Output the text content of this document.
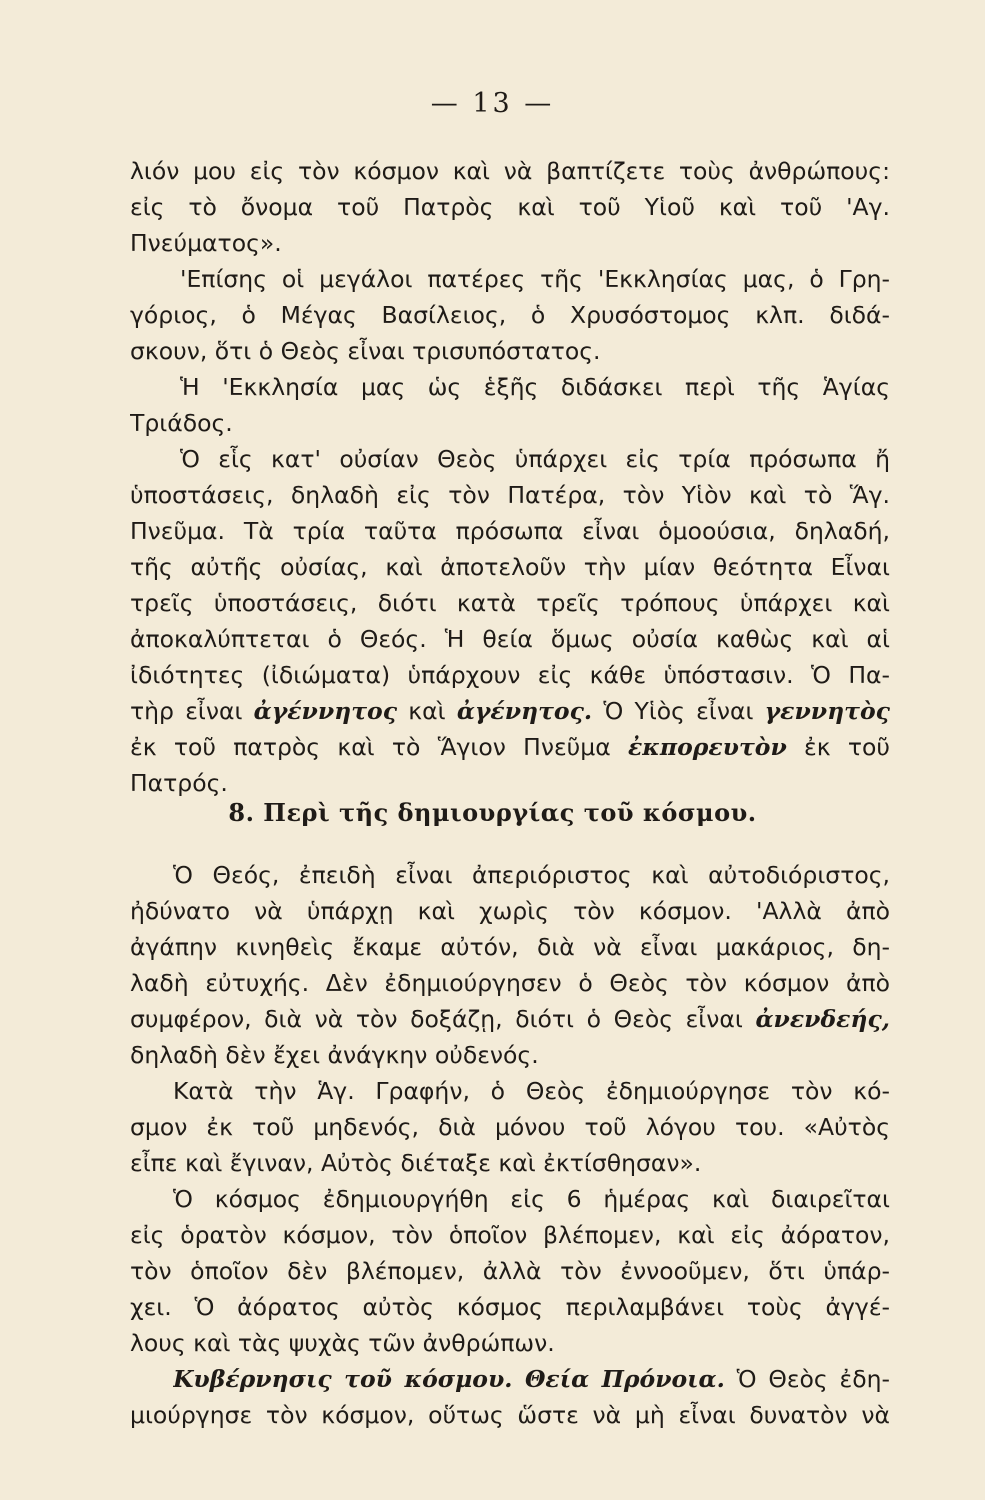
— 13 —
λιόν μου εἰς τὸν κόσμον καὶ νὰ βαπτίζετε τοὺς ἀνθρώπους:
εἰς τὸ ὄνομα τοῦ Πατρὸς καὶ τοῦ Υἱοῦ καὶ τοῦ 'Αγ.
Πνεύματος».
'Επίσης οἱ μεγάλοι πατέρες τῆς 'Εκκλησίας μας, ὁ Γρη-
γόριος, ὁ Μέγας Βασίλειος, ὁ Χρυσόστομος κλπ. διδά-
σκουν, ὅτι ὁ Θεὸς εἶναι τρισυπόστατος.
Ἡ 'Εκκλησία μας ὡς ἑξῆς διδάσκει περὶ τῆς Ἁγίας
Τριάδος.
Ὁ εἷς κατ' οὐσίαν Θεὸς ὑπάρχει εἰς τρία πρόσωπα ἤ
ὑποστάσεις, δηλαδὴ εἰς τὸν Πατέρα, τὸν Υἱὸν καὶ τὸ Ἅγ.
Πνεῦμα. Τὰ τρία ταῦτα πρόσωπα εἶναι ὁμοούσια, δηλαδή,
τῆς αὐτῆς οὐσίας, καὶ ἀποτελοῦν τὴν μίαν θεότητα Εἶναι
τρεῖς ὑποστάσεις, διότι κατὰ τρεῖς τρόπους ὑπάρχει καὶ
ἀποκαλύπτεται ὁ Θεός. Ἡ θεία ὅμως οὐσία καθὼς καὶ αἱ
ἰδιότητες (ἰδιώματα) ὑπάρχουν εἰς κάθε ὑπόστασιν. Ὁ Πα-
τὴρ εἶναι ἀγέννητος καὶ ἀγένητος. Ὁ Υἱὸς εἶναι γεννητὸς
ἐκ τοῦ πατρὸς καὶ τὸ Ἅγιον Πνεῦμα ἐκπορευτὸν ἐκ τοῦ
Πατρός.
8. Περὶ τῆς δημιουργίας τοῦ κόσμου.
Ὁ Θεός, ἐπειδὴ εἶναι ἀπεριόριστος καὶ αὐτοδιόριστος,
ἠδύνατο νὰ ὑπάρχῃ καὶ χωρὶς τὸν κόσμον. 'Αλλὰ ἀπὸ
ἀγάπην κινηθεὶς ἔκαμε αὐτόν, διὰ νὰ εἶναι μακάριος, δη-
λαδὴ εὐτυχής. Δὲν ἐδημιούργησεν ὁ Θεὸς τὸν κόσμον ἀπὸ
συμφέρον, διὰ νὰ τὸν δοξάζῃ, διότι ὁ Θεὸς εἶναι ἀνενδεής,
δηλαδὴ δὲν ἔχει ἀνάγκην οὐδενός.
Κατὰ τὴν Ἁγ. Γραφήν, ὁ Θεὸς ἐδημιούργησε τὸν κό-
σμον ἐκ τοῦ μηδενός, διὰ μόνου τοῦ λόγου του. «Αὐτὸς
εἶπε καὶ ἔγιναν, Αὐτὸς διέταξε καὶ ἐκτίσθησαν».
Ὁ κόσμος ἐδημιουργήθη εἰς 6 ἡμέρας καὶ διαιρεῖται
εἰς ὁρατὸν κόσμον, τὸν ὁποῖον βλέπομεν, καὶ εἰς ἀόρατον,
τὸν ὁποῖον δὲν βλέπομεν, ἀλλὰ τὸν ἐννοοῦμεν, ὅτι ὑπάρ-
χει. Ὁ ἀόρατος αὐτὸς κόσμος περιλαμβάνει τοὺς ἀγγέ-
λους καὶ τὰς ψυχὰς τῶν ἀνθρώπων.
Κυβέρνησις τοῦ κόσμου. Θεία Πρόνοια. Ὁ Θεὸς ἐδη-
μιούργησε τὸν κόσμον, οὕτως ὥστε νὰ μὴ εἶναι δυνατὸν νὰ
